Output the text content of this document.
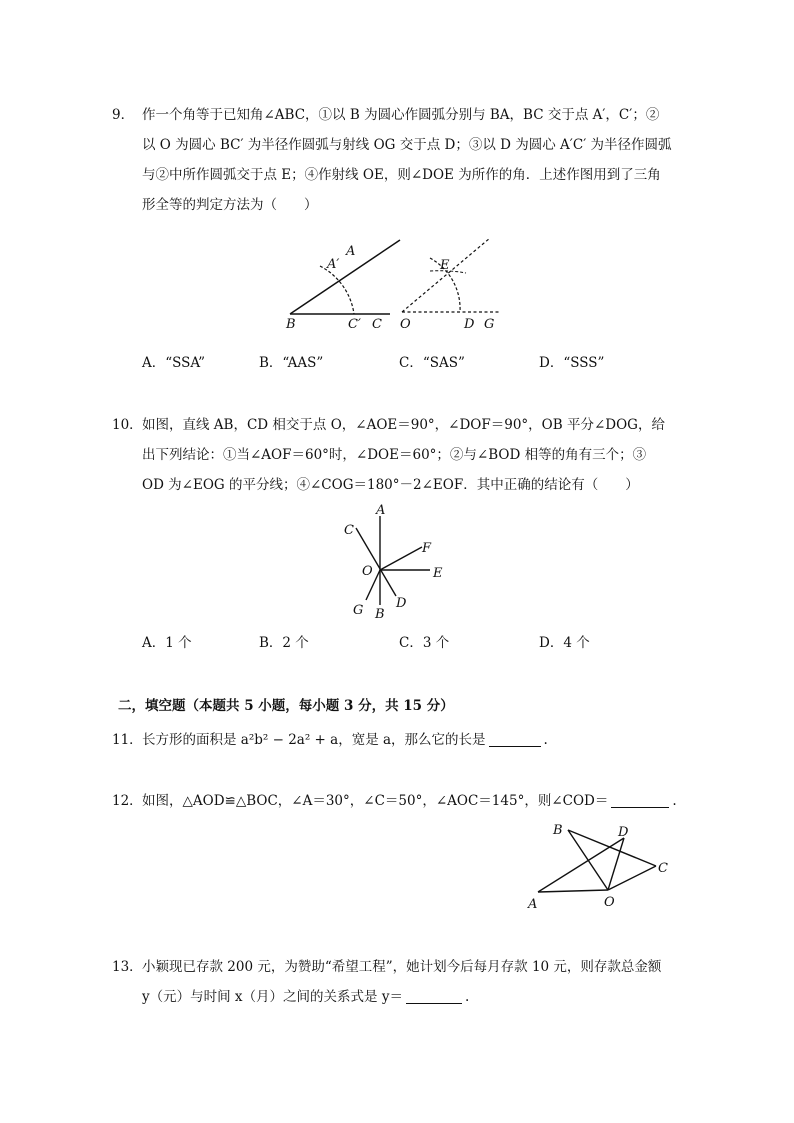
9． 作一个角等于已知角∠ABC，①以 B 为圆心作圆弧分别与 BA，BC 交于点 A′，C′；②
以 O 为圆心 BC′ 为半径作圆弧与射线 OG 交于点 D；③以 D 为圆心 A′C′ 为半径作圆弧
与②中所作圆弧交于点 E；④作射线 OE，则∠DOE 为所作的角．上述作图用到了三角
形全等的判定方法为（　　）
A
A′
B	C′ C
E
O	D G
A．“SSA”	B．“AAS”	C．“SAS”	D．“SSS”
10． 如图，直线 AB，CD 相交于点 O，∠AOE＝90°，∠DOF＝90°，OB 平分∠DOG，给
出下列结论：①当∠AOF＝60°时，∠DOE＝60°；②与∠BOD 相等的角有三个；③
OD 为∠EOG 的平分线；④∠COG＝180°－2∠EOF．其中正确的结论有（　　）
A
C
F
O	E
G B
D
A．1 个	B．2 个	C．3 个	D．4 个
二，填空题（本题共 5 小题，每小题 3 分，共 15 分）
11． 长方形的面积是 a²b² − 2a² + a，宽是 a，那么它的长是	.
12． 如图，△AOD≌△BOC，∠A＝30°，∠C＝50°，∠AOC＝145°，则∠COD＝	.
B	D
C
A	O
13． 小颖现已存款 200 元，为赞助“希望工程”，她计划今后每月存款 10 元，则存款总金额
y（元）与时间 x（月）之间的关系式是 y＝	.
